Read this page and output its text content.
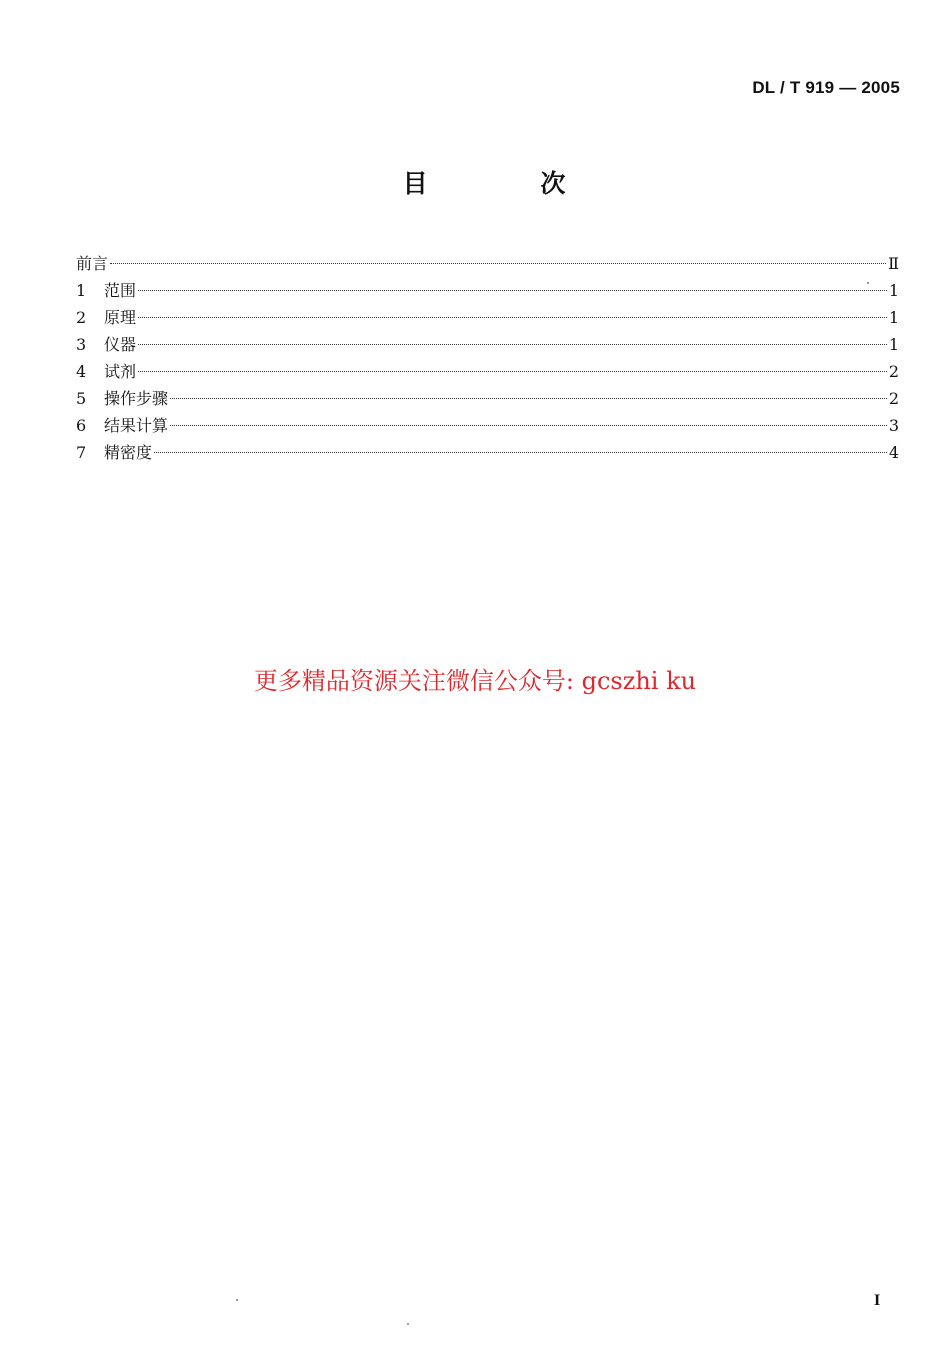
DL / T 919 — 2005
目 次
前言	Ⅱ
1	范围	1
2	原理	1
3	仪器	1
4	试剂	2
5	操作步骤	2
6	结果计算	3
7	精密度	4
更多精品资源关注微信公众号: gcszhi ku
I
